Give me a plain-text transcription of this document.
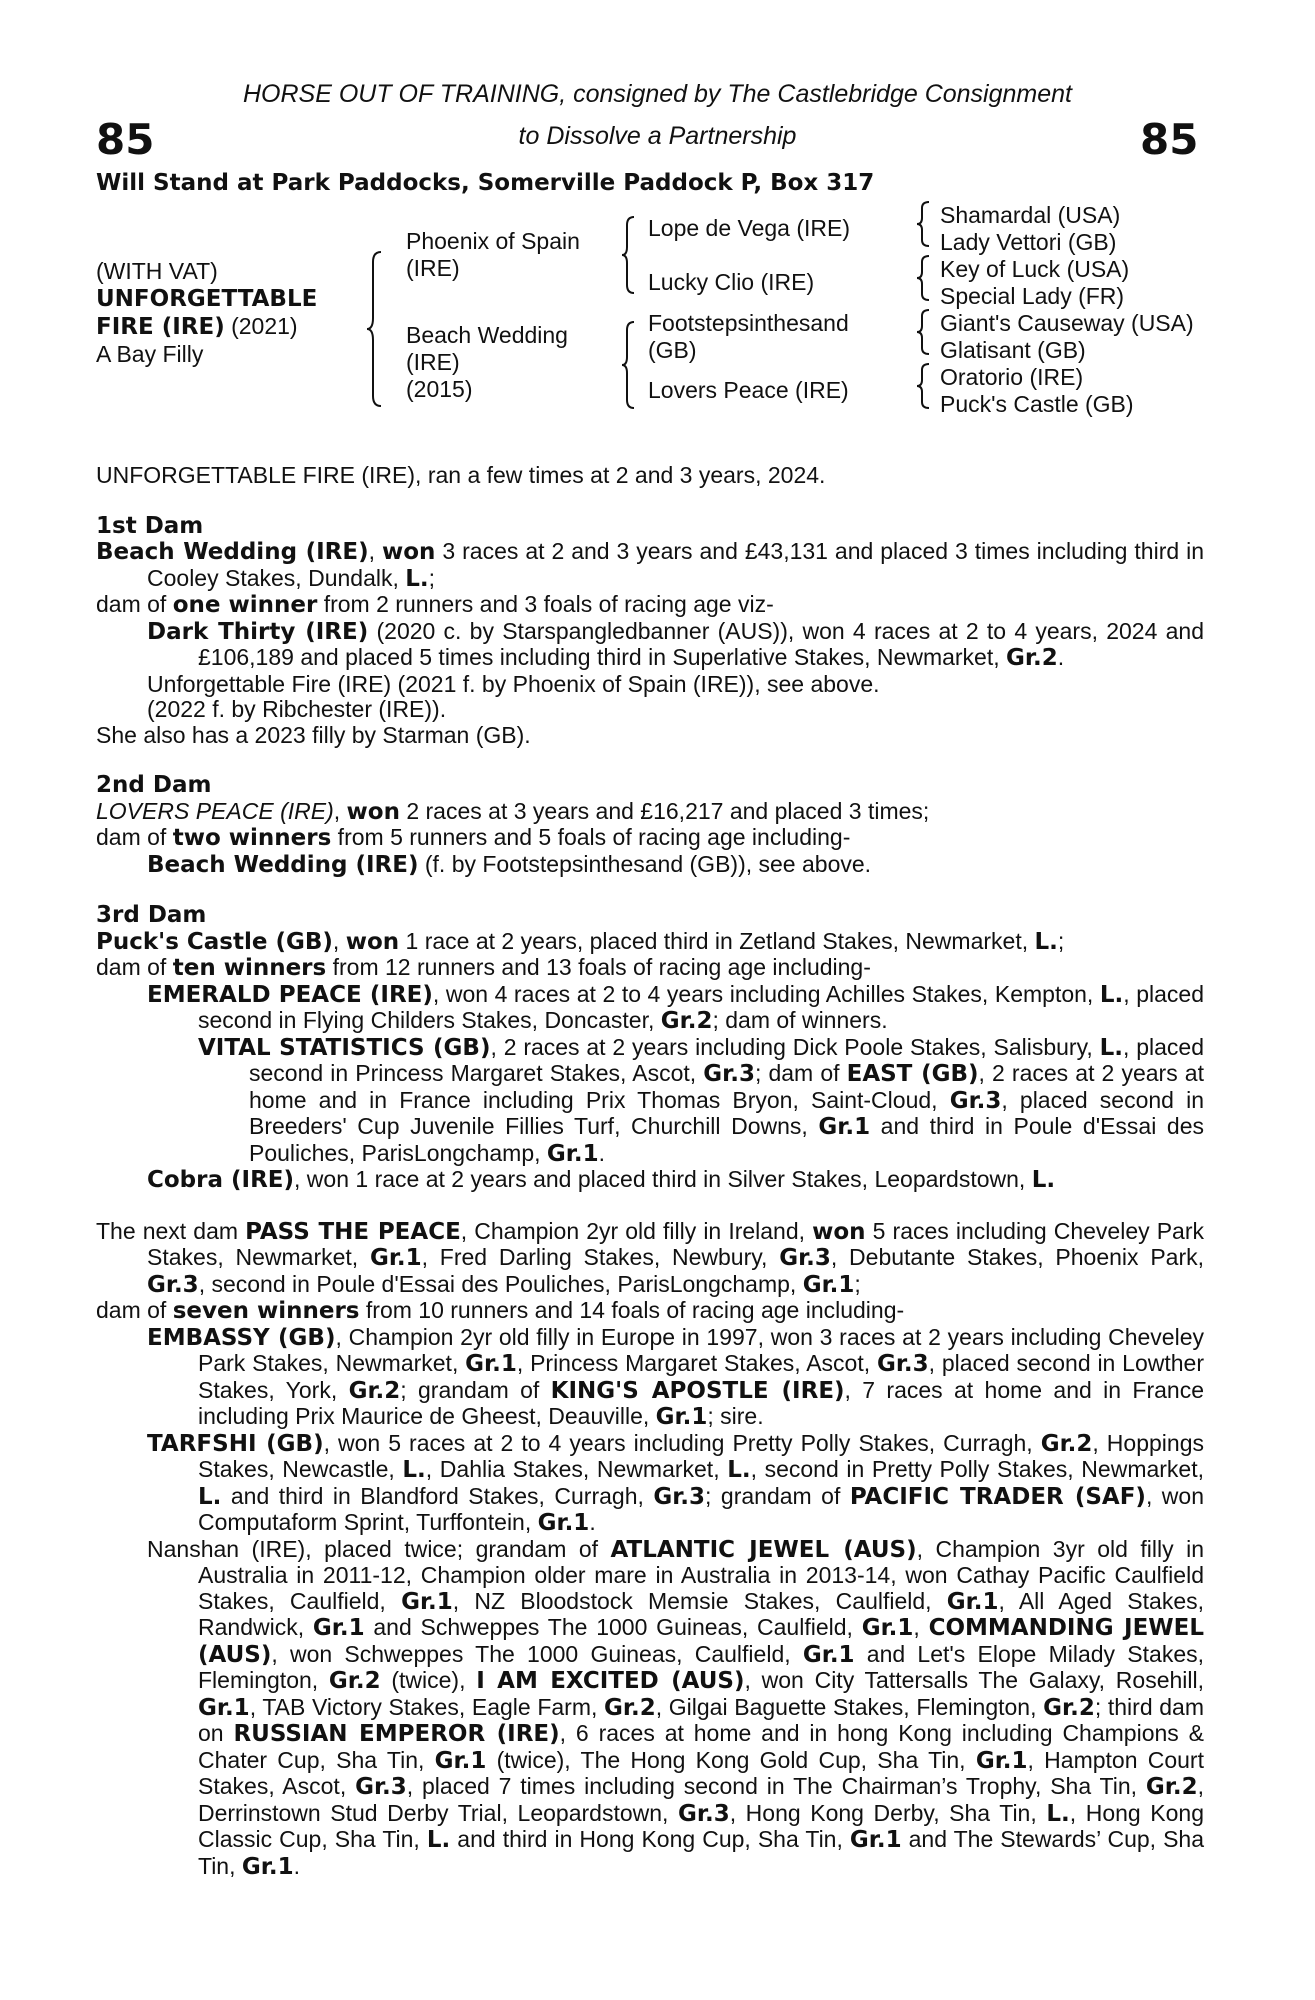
85	85
HORSE OUT OF TRAINING, consigned by The Castlebridge Consignment
to Dissolve a Partnership
Will Stand at Park Paddocks, Somerville Paddock P, Box 317
(WITH VAT)
UNFORGETTABLE
FIRE (IRE) (2021)
A Bay Filly
Phoenix of Spain
(IRE)
Beach Wedding
(IRE)
(2015)
Lope de Vega (IRE)
Lucky Clio (IRE)
Footstepsinthesand
(GB)
Lovers Peace (IRE)
Shamardal (USA)
Lady Vettori (GB)
Key of Luck (USA)
Special Lady (FR)
Giant's Causeway (USA)
Glatisant (GB)
Oratorio (IRE)
Puck's Castle (GB)

UNFORGETTABLE FIRE (IRE), ran a few times at 2 and 3 years, 2024.

1st Dam

Beach Wedding (IRE), won 3 races at 2 and 3 years and £43,131 and placed 3 times including third in Cooley Stakes, Dundalk, L.;

dam of one winner from 2 runners and 3 foals of racing age viz-

Dark Thirty (IRE) (2020 c. by Starspangledbanner (AUS)), won 4 races at 2 to 4 years, 2024 and £106,189 and placed 5 times including third in Superlative Stakes, Newmarket, Gr.2.

Unforgettable Fire (IRE) (2021 f. by Phoenix of Spain (IRE)), see above.

(2022 f. by Ribchester (IRE)).

She also has a 2023 filly by Starman (GB).

2nd Dam

LOVERS PEACE (IRE), won 2 races at 3 years and £16,217 and placed 3 times;

dam of two winners from 5 runners and 5 foals of racing age including-

Beach Wedding (IRE) (f. by Footstepsinthesand (GB)), see above.

3rd Dam

Puck's Castle (GB), won 1 race at 2 years, placed third in Zetland Stakes, Newmarket, L.;

dam of ten winners from 12 runners and 13 foals of racing age including-

EMERALD PEACE (IRE), won 4 races at 2 to 4 years including Achilles Stakes, Kempton, L., placed second in Flying Childers Stakes, Doncaster, Gr.2; dam of winners.

VITAL STATISTICS (GB), 2 races at 2 years including Dick Poole Stakes, Salisbury, L., placed second in Princess Margaret Stakes, Ascot, Gr.3; dam of EAST (GB), 2 races at 2 years at home and in France including Prix Thomas Bryon, Saint-Cloud, Gr.3, placed second in Breeders' Cup Juvenile Fillies Turf, Churchill Downs, Gr.1 and third in Poule d'Essai des Pouliches, ParisLongchamp, Gr.1.

Cobra (IRE), won 1 race at 2 years and placed third in Silver Stakes, Leopardstown, L.

The next dam PASS THE PEACE, Champion 2yr old filly in Ireland, won 5 races including Cheveley Park Stakes, Newmarket, Gr.1, Fred Darling Stakes, Newbury, Gr.3, Debutante Stakes, Phoenix Park, Gr.3, second in Poule d'Essai des Pouliches, ParisLongchamp, Gr.1;

dam of seven winners from 10 runners and 14 foals of racing age including-

EMBASSY (GB), Champion 2yr old filly in Europe in 1997, won 3 races at 2 years including Cheveley Park Stakes, Newmarket, Gr.1, Princess Margaret Stakes, Ascot, Gr.3, placed second in Lowther Stakes, York, Gr.2; grandam of KING'S APOSTLE (IRE), 7 races at home and in France including Prix Maurice de Gheest, Deauville, Gr.1; sire.

TARFSHI (GB), won 5 races at 2 to 4 years including Pretty Polly Stakes, Curragh, Gr.2, Hoppings Stakes, Newcastle, L., Dahlia Stakes, Newmarket, L., second in Pretty Polly Stakes, Newmarket, L. and third in Blandford Stakes, Curragh, Gr.3; grandam of PACIFIC TRADER (SAF), won Computaform Sprint, Turffontein, Gr.1.

Nanshan (IRE), placed twice; grandam of ATLANTIC JEWEL (AUS), Champion 3yr old filly in Australia in 2011-12, Champion older mare in Australia in 2013-14, won Cathay Pacific Caulfield Stakes, Caulfield, Gr.1, NZ Bloodstock Memsie Stakes, Caulfield, Gr.1, All Aged Stakes, Randwick, Gr.1 and Schweppes The 1000 Guineas, Caulfield, Gr.1, COMMANDING JEWEL (AUS), won Schweppes The 1000 Guineas, Caulfield, Gr.1 and Let's Elope Milady Stakes, Flemington, Gr.2 (twice), I AM EXCITED (AUS), won City Tattersalls The Galaxy, Rosehill, Gr.1, TAB Victory Stakes, Eagle Farm, Gr.2, Gilgai Baguette Stakes, Flemington, Gr.2; third dam on RUSSIAN EMPEROR (IRE), 6 races at home and in hong Kong including Champions & Chater Cup, Sha Tin, Gr.1 (twice), The Hong Kong Gold Cup, Sha Tin, Gr.1, Hampton Court Stakes, Ascot, Gr.3, placed 7 times including second in The Chairman’s Trophy, Sha Tin, Gr.2, Derrinstown Stud Derby Trial, Leopardstown, Gr.3, Hong Kong Derby, Sha Tin, L., Hong Kong Classic Cup, Sha Tin, L. and third in Hong Kong Cup, Sha Tin, Gr.1 and The Stewards’ Cup, Sha Tin, Gr.1.
